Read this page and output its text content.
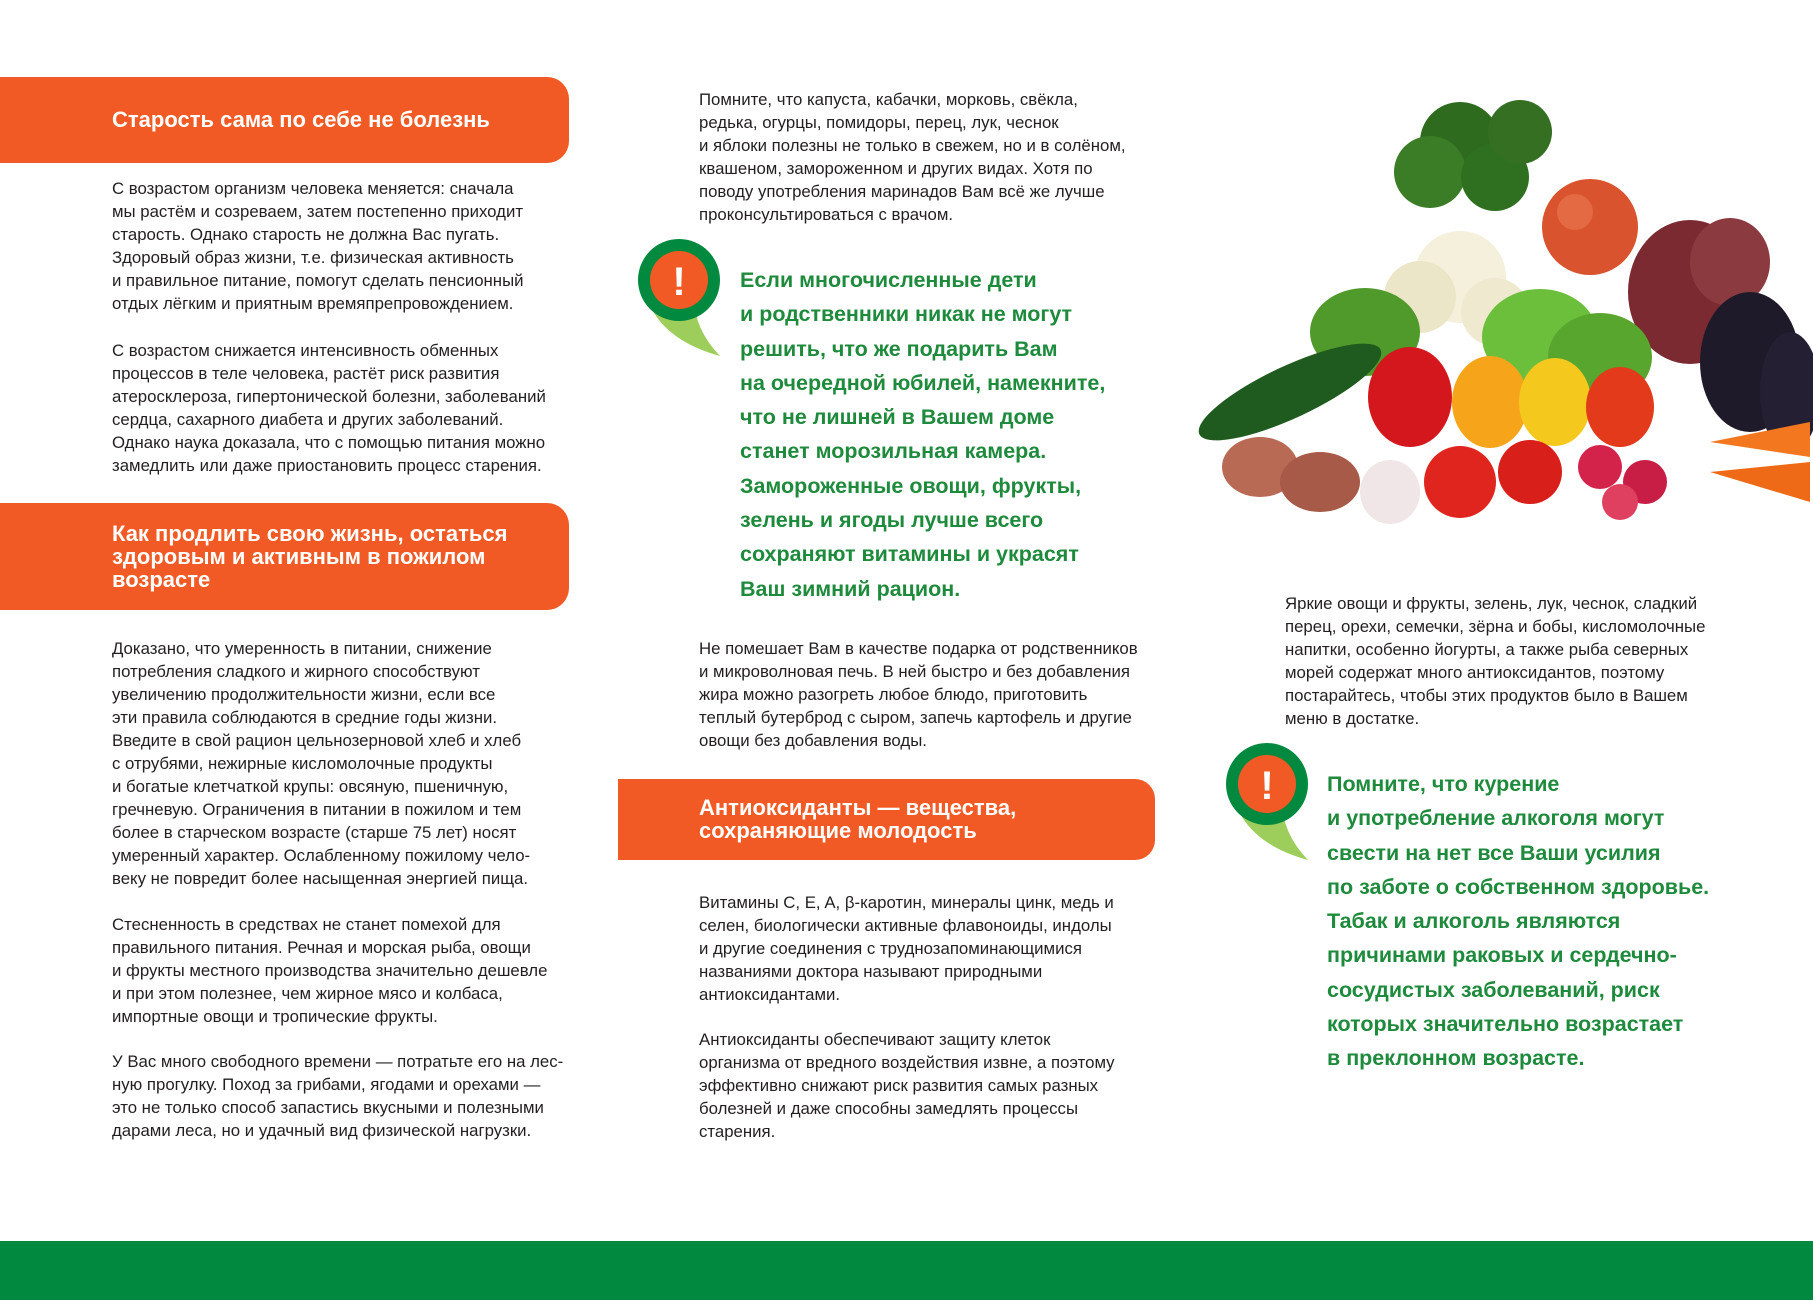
Старость сама по себе не болезнь
С возрастом организм человека меняется: сначала
мы растём и созреваем, затем постепенно приходит
старость. Однако старость не должна Вас пугать.
Здоровый образ жизни, т.е. физическая активность
и правильное питание, помогут сделать пенсионный
отдых лёгким и приятным времяпрепровождением.
С возрастом снижается интенсивность обменных
процессов в теле человека, растёт риск развития
атеросклероза, гипертонической болезни, заболеваний
сердца, сахарного диабета и других заболеваний.
Однако наука доказала, что с помощью питания можно
замедлить или даже приостановить процесс старения.
Как продлить свою жизнь, остаться
здоровым и активным в пожилом
возрасте
Доказано, что умеренность в питании, снижение
потребления сладкого и жирного способствуют
увеличению продолжительности жизни, если все
эти правила соблюдаются в средние годы жизни.
Введите в свой рацион цельнозерновой хлеб и хлеб
с отрубями, нежирные кисломолочные продукты
и богатые клетчаткой крупы: овсяную, пшеничную,
гречневую. Ограничения в питании в пожилом и тем
более в старческом возрасте (старше 75 лет) носят
умеренный характер. Ослабленному пожилому чело-
веку не повредит более насыщенная энергией пища.
Стесненность в средствах не станет помехой для
правильного питания. Речная и морская рыба, овощи
и фрукты местного производства значительно дешевле
и при этом полезнее, чем жирное мясо и колбаса,
импортные овощи и тропические фрукты.
У Вас много свободного времени — потратьте его на лес-
ную прогулку. Поход за грибами, ягодами и орехами —
это не только способ запастись вкусными и полезными
дарами леса, но и удачный вид физической нагрузки.
Помните, что капуста, кабачки, морковь, свёкла,
редька, огурцы, помидоры, перец, лук, чеснок
и яблоки полезны не только в свежем, но и в солёном,
квашеном, замороженном и других видах. Хотя по
поводу употребления маринадов Вам всё же лучше
проконсультироваться с врачом.
!	Если многочисленные дети
и родственники никак не могут
решить, что же подарить Вам
на очередной юбилей, намекните,
что не лишней в Вашем доме
станет морозильная камера.
Замороженные овощи, фрукты,
зелень и ягоды лучше всего
сохраняют витамины и украсят
Ваш зимний рацион.
Не помешает Вам в качестве подарка от родственников
и микроволновая печь. В ней быстро и без добавления
жира можно разогреть любое блюдо, приготовить
теплый бутерброд с сыром, запечь картофель и другие
овощи без добавления воды.
Антиоксиданты — вещества,
сохраняющие молодость
Витамины C, E, A, β-каротин, минералы цинк, медь и
селен, биологически активные флавоноиды, индолы
и другие соединения с труднозапоминающимися
названиями доктора называют природными
антиоксидантами.
Антиоксиданты обеспечивают защиту клеток
организма от вредного воздействия извне, а поэтому
эффективно снижают риск развития самых разных
болезней и даже способны замедлять процессы
старения.
Яркие овощи и фрукты, зелень, лук, чеснок, сладкий
перец, орехи, семечки, зёрна и бобы, кисломолочные
напитки, особенно йогурты, а также рыба северных
морей содержат много антиоксидантов, поэтому
постарайтесь, чтобы этих продуктов было в Вашем
меню в достатке.
! Помните, что курение
и употребление алкоголя могут
свести на нет все Ваши усилия
по заботе о собственном здоровье.
Табак и алкоголь являются
причинами раковых и сердечно-
сосудистых заболеваний, риск
которых значительно возрастает
в преклонном возрасте.
